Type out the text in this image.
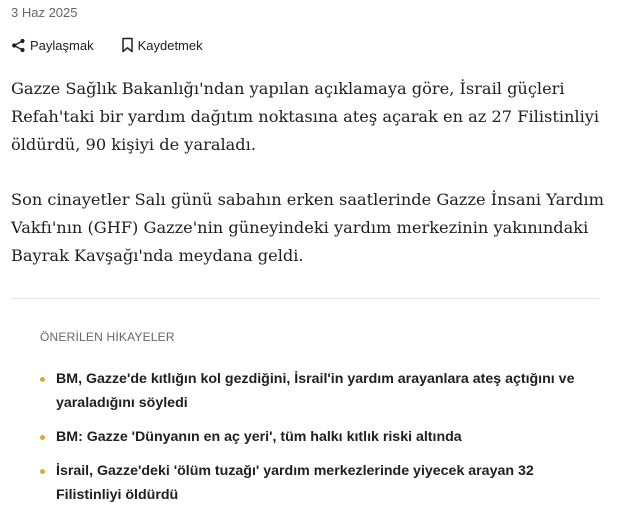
3 Haz 2025
Paylaşmak	Kaydetmek

Gazze Sağlık Bakanlığı'ndan yapılan açıklamaya göre, İsrail güçleri Refah'taki bir yardım dağıtım noktasına ateş açarak en az 27 Filistinliyi öldürdü, 90 kişiyi de yaraladı.

Son cinayetler Salı günü sabahın erken saatlerinde Gazze İnsani Yardım Vakfı'nın (GHF) Gazze'nin güneyindeki yardım merkezinin yakınındaki Bayrak Kavşağı'nda meydana geldi.

ÖNERİLEN HİKAYELER
BM, Gazze'de kıtlığın kol gezdiğini, İsrail'in yardım arayanlara ateş açtığını ve yaraladığını söyledi
BM: Gazze 'Dünyanın en aç yeri', tüm halkı kıtlık riski altında
İsrail, Gazze'deki 'ölüm tuzağı' yardım merkezlerinde yiyecek arayan 32 Filistinliyi öldürdü
